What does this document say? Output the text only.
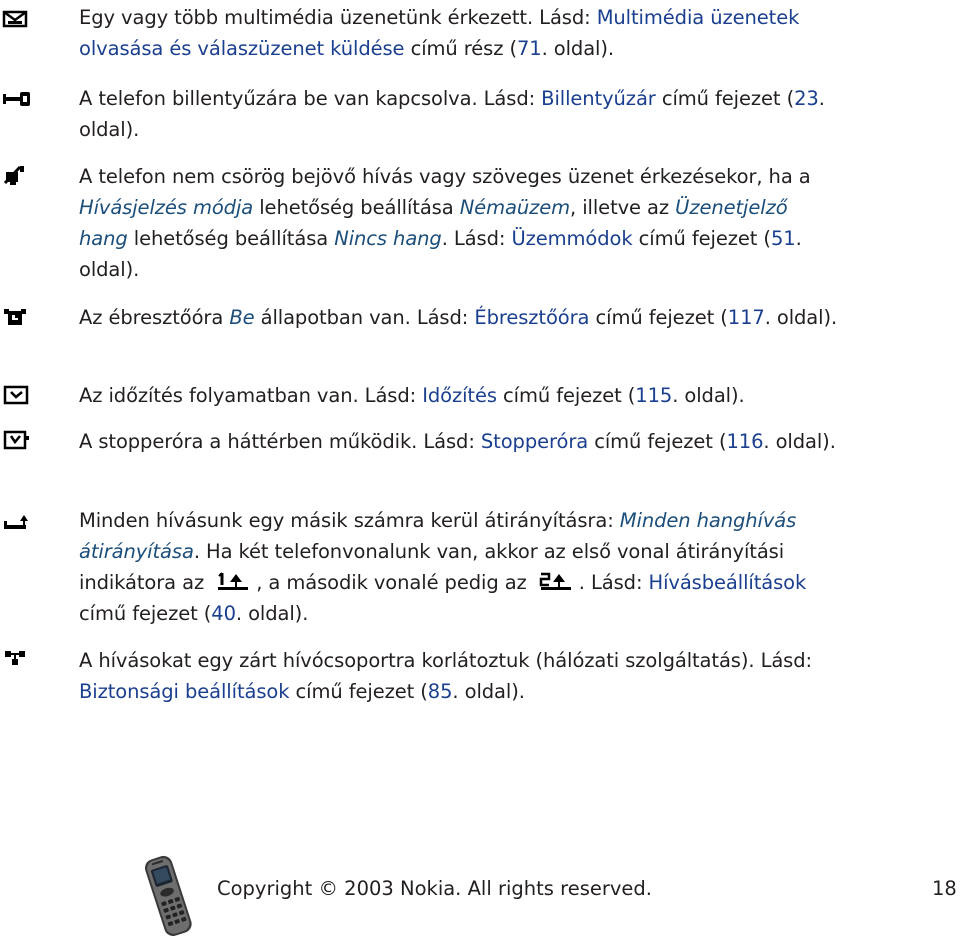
Egy vagy több multimédia üzenetünk érkezett. Lásd: Multimédia üzenetek olvasása és válaszüzenet küldése című rész (71. oldal).
A telefon billentyűzára be van kapcsolva. Lásd: Billentyűzár című fejezet (23. oldal).
A telefon nem csörög bejövő hívás vagy szöveges üzenet érkezésekor, ha a Hívásjelzés módja lehetőség beállítása Némaüzem, illetve az Üzenetjelző hang lehetőség beállítása Nincs hang. Lásd: Üzemmódok című fejezet (51. oldal).
Az ébresztőóra Be állapotban van. Lásd: Ébresztőóra című fejezet (117. oldal).
Az időzítés folyamatban van. Lásd: Időzítés című fejezet (115. oldal).
A stopperóra a háttérben működik. Lásd: Stopperóra című fejezet (116. oldal).
Minden hívásunk egy másik számra kerül átirányításra: Minden hanghívás átirányítása. Ha két telefonvonalunk van, akkor az első vonal átirányítási indikátora az
, a második vonalé pedig az
. Lásd: Hívásbeállítások című fejezet (40. oldal).
A hívásokat egy zárt hívócsoportra korlátoztuk (hálózati szolgáltatás). Lásd: Biztonsági beállítások című fejezet (85. oldal).
Copyright © 2003 Nokia. All rights reserved.	18
